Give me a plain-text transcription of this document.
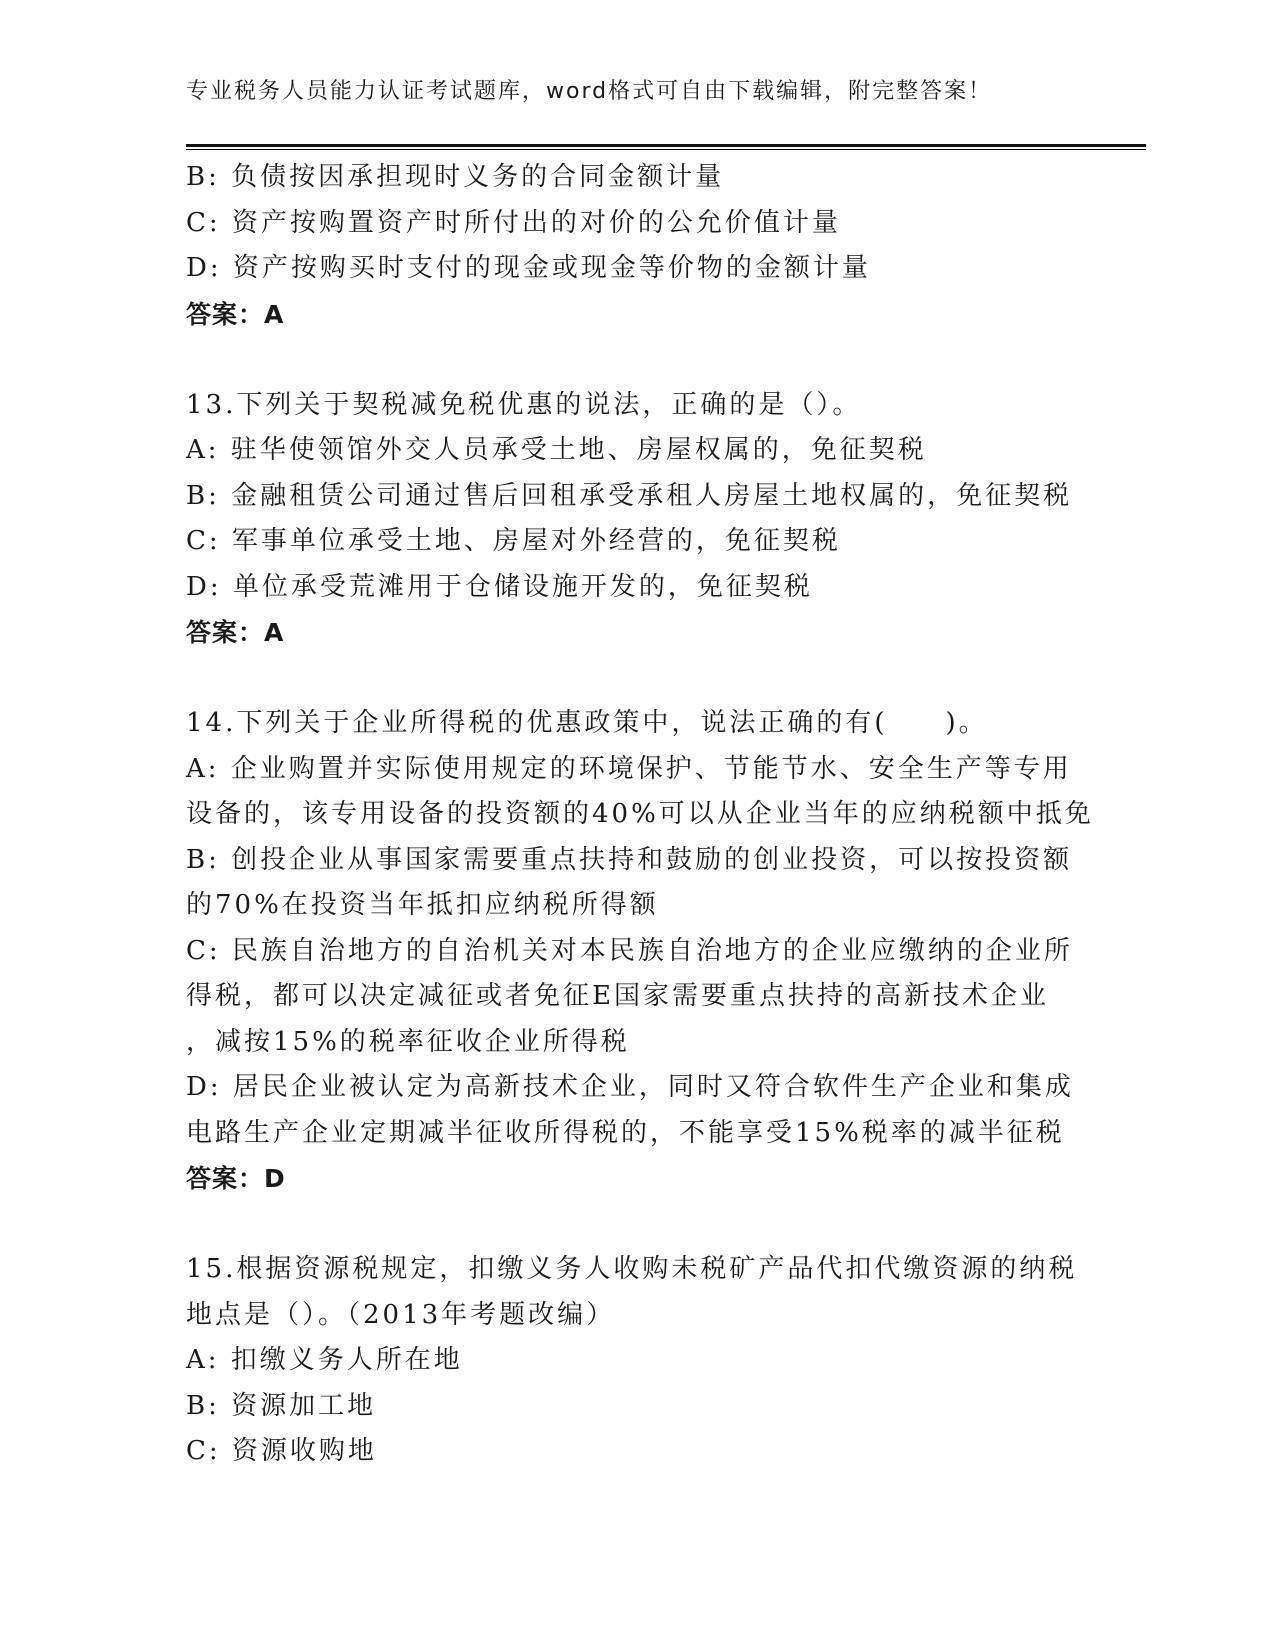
专业税务人员能力认证考试题库，word格式可自由下载编辑，附完整答案！
B: 负债按因承担现时义务的合同金额计量
C: 资产按购置资产时所付出的对价的公允价值计量
D: 资产按购买时支付的现金或现金等价物的金额计量
答案：A
13.下列关于契税减免税优惠的说法，正确的是（）。
A: 驻华使领馆外交人员承受土地、房屋权属的，免征契税
B: 金融租赁公司通过售后回租承受承租人房屋土地权属的，免征契税
C: 军事单位承受土地、房屋对外经营的，免征契税
D: 单位承受荒滩用于仓储设施开发的，免征契税
答案：A
14.下列关于企业所得税的优惠政策中，说法正确的有(　　)。
A: 企业购置并实际使用规定的环境保护、节能节水、安全生产等专用
设备的，该专用设备的投资额的40%可以从企业当年的应纳税额中抵免
B: 创投企业从事国家需要重点扶持和鼓励的创业投资，可以按投资额
的70%在投资当年抵扣应纳税所得额
C: 民族自治地方的自治机关对本民族自治地方的企业应缴纳的企业所
得税，都可以决定减征或者免征E国家需要重点扶持的高新技术企业
，减按15%的税率征收企业所得税
D: 居民企业被认定为高新技术企业，同时又符合软件生产企业和集成
电路生产企业定期减半征收所得税的，不能享受15%税率的减半征税
答案：D
15.根据资源税规定，扣缴义务人收购未税矿产品代扣代缴资源的纳税
地点是（）。（2013年考题改编）
A: 扣缴义务人所在地
B: 资源加工地
C: 资源收购地
